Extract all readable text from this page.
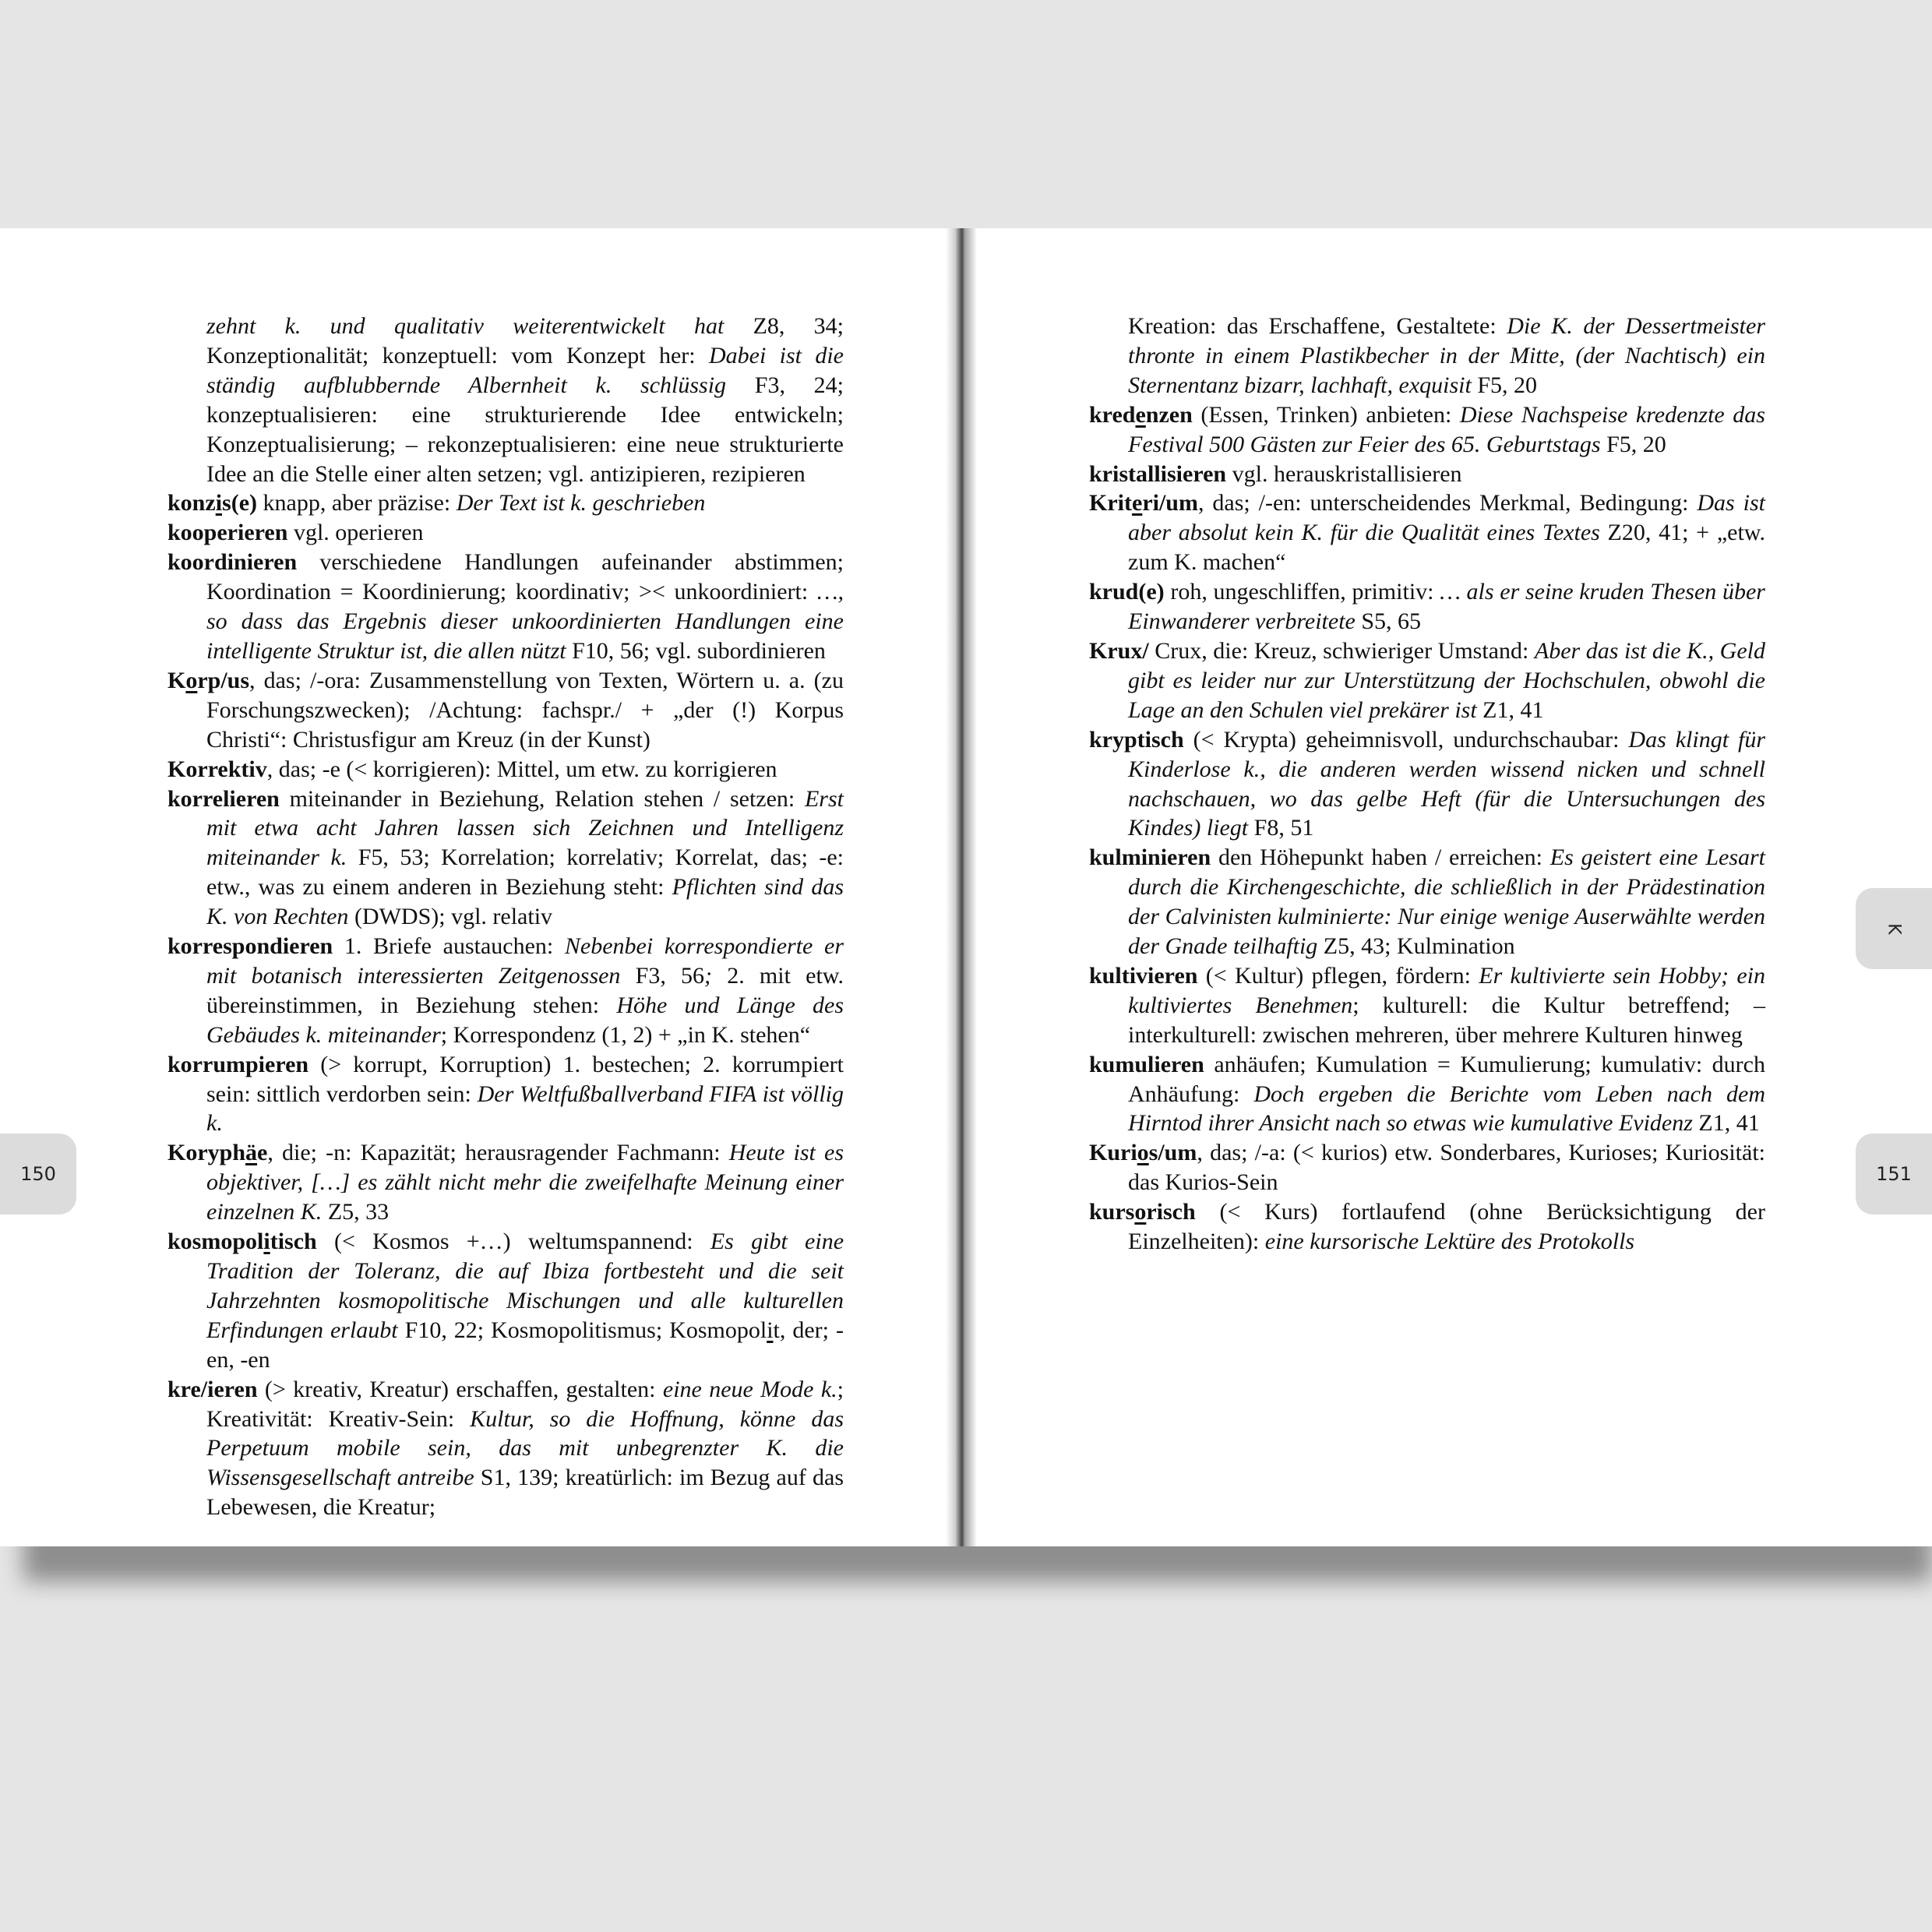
zehnt k. und qualitativ weiterentwickelt hat Z8, 34; Konzeptionalität; konzeptuell: vom Konzept her: Dabei ist die ständig aufblubbernde Albernheit k. schlüssig F3, 24; konzeptualisieren: eine strukturierende Idee entwickeln; Konzeptualisierung; – rekonzeptualisieren: eine neue strukturierte Idee an die Stelle einer alten setzen; vgl. antizipieren, rezipieren

konzis(e) knapp, aber präzise: Der Text ist k. geschrieben

kooperieren vgl. operieren

koordinieren verschiedene Handlungen aufeinander abstimmen; Koordination = Koordinierung; koordinativ; >< unkoordiniert: …, so dass das Ergebnis dieser unkoordinierten Handlungen eine intelligente Struktur ist, die allen nützt F10, 56; vgl. subordinieren

Korp/us, das; /-ora: Zusammenstellung von Texten, Wörtern u. a. (zu Forschungszwecken); /Achtung: fachspr./ + „der (!) Korpus Christi“: Christusfigur am Kreuz (in der Kunst)

Korrektiv, das; -e (< korrigieren): Mittel, um etw. zu korrigieren

korrelieren miteinander in Beziehung, Relation stehen / setzen: Erst mit etwa acht Jahren lassen sich Zeichnen und Intelligenz miteinander k. F5, 53; Korrelation; korrelativ; Korrelat, das; -e: etw., was zu einem anderen in Beziehung steht: Pflichten sind das K. von Rechten (DWDS); vgl. relativ

korrespondieren 1. Briefe austauchen: Nebenbei korrespondierte er mit botanisch interessierten Zeitgenossen F3, 56; 2. mit etw. übereinstimmen, in Beziehung stehen: Höhe und Länge des Gebäudes k. miteinander; Korrespondenz (1, 2) + „in K. stehen“

korrumpieren (> korrupt, Korruption) 1. bestechen; 2. korrumpiert sein: sittlich verdorben sein: Der Weltfußballverband FIFA ist völlig k.

Koryphäe, die; -n: Kapazität; herausragender Fachmann: Heute ist es objektiver, […] es zählt nicht mehr die zweifelhafte Meinung einer einzelnen K. Z5, 33

kosmopolitisch (< Kosmos +…) weltumspannend: Es gibt eine Tradition der Toleranz, die auf Ibiza fortbesteht und die seit Jahrzehnten kosmopolitische Mischungen und alle kulturellen Erfindungen erlaubt F10, 22; Kosmopolitismus; Kosmopolit, der; -en, -en

kre/ieren (> kreativ, Kreatur) erschaffen, gestalten: eine neue Mode k.; Kreativität: Kreativ-Sein: Kultur, so die Hoffnung, könne das Perpetuum mobile sein, das mit unbegrenzter K. die Wissensgesellschaft antreibe S1, 139; kreatürlich: im Bezug auf das Lebewesen, die Kreatur;

Kreation: das Erschaffene, Gestaltete: Die K. der Dessertmeister thronte in einem Plastikbecher in der Mitte, (der Nachtisch) ein Sternentanz bizarr, lachhaft, exquisit F5, 20

kredenzen (Essen, Trinken) anbieten: Diese Nachspeise kredenzte das Festival 500 Gästen zur Feier des 65. Geburtstags F5, 20

kristallisieren vgl. herauskristallisieren

Kriteri/um, das; /-en: unterscheidendes Merkmal, Bedingung: Das ist aber absolut kein K. für die Qualität eines Textes Z20, 41; + „etw. zum K. machen“

krud(e) roh, ungeschliffen, primitiv: … als er seine kruden Thesen über Einwanderer verbreitete S5, 65

Krux/ Crux, die: Kreuz, schwieriger Umstand: Aber das ist die K., Geld gibt es leider nur zur Unterstützung der Hochschulen, obwohl die Lage an den Schulen viel prekärer ist Z1, 41

kryptisch (< Krypta) geheimnisvoll, undurchschaubar: Das klingt für Kinderlose k., die anderen werden wissend nicken und schnell nachschauen, wo das gelbe Heft (für die Untersuchungen des Kindes) liegt F8, 51

kulminieren den Höhepunkt haben / erreichen: Es geistert eine Lesart durch die Kirchengeschichte, die schließlich in der Prädestination der Calvinisten kulminierte: Nur einige wenige Auserwählte werden der Gnade teilhaftig Z5, 43; Kulmination

kultivieren (< Kultur) pflegen, fördern: Er kultivierte sein Hobby; ein kultiviertes Benehmen; kulturell: die Kultur betreffend; – interkulturell: zwischen mehreren, über mehrere Kulturen hinweg

kumulieren anhäufen; Kumulation = Kumulierung; kumulativ: durch Anhäufung: Doch ergeben die Berichte vom Leben nach dem Hirntod ihrer Ansicht nach so etwas wie kumulative Evidenz Z1, 41

Kurios/um, das; /-a: (< kurios) etw. Sonderbares, Kurioses; Kuriosität: das Kurios-Sein

kursorisch (< Kurs) fortlaufend (ohne Berücksichtigung der Einzelheiten): eine kursorische Lektüre des Protokolls

150	151
K
